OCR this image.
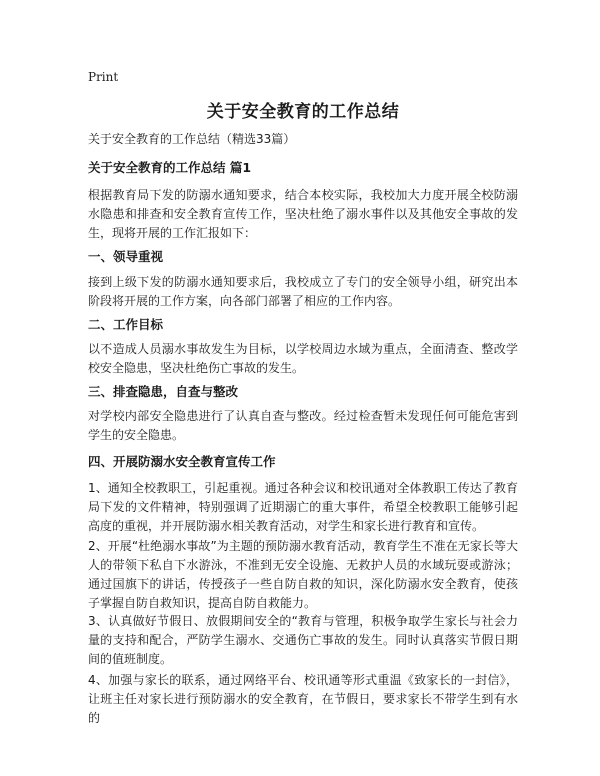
Print
关于安全教育的工作总结
关于安全教育的工作总结（精选33篇）
关于安全教育的工作总结 篇1
根据教育局下发的防溺水通知要求，结合本校实际，我校加大力度开展全校防溺水隐患和排查和安全教育宣传工作，坚决杜绝了溺水事件以及其他安全事故的发生，现将开展的工作汇报如下：
一、领导重视
接到上级下发的防溺水通知要求后，我校成立了专门的安全领导小组，研究出本阶段将开展的工作方案，向各部门部署了相应的工作内容。
二、工作目标
以不造成人员溺水事故发生为目标，以学校周边水域为重点，全面清查、整改学校安全隐患，坚决杜绝伤亡事故的发生。
三、排查隐患，自查与整改
对学校内部安全隐患进行了认真自查与整改。经过检查暂未发现任何可能危害到学生的安全隐患。
四、开展防溺水安全教育宣传工作
1、通知全校教职工，引起重视。通过各种会议和校讯通对全体教职工传达了教育局下发的文件精神，特别强调了近期溺亡的重大事件，希望全校教职工能够引起高度的重视，并开展防溺水相关教育活动，对学生和家长进行教育和宣传。
2、开展“杜绝溺水事故”为主题的预防溺水教育活动，教育学生不准在无家长等大人的带领下私自下水游泳，不准到无安全设施、无救护人员的水域玩耍或游泳；通过国旗下的讲话，传授孩子一些自防自救的知识，深化防溺水安全教育，使孩子掌握自防自救知识，提高自防自救能力。
3、认真做好节假日、放假期间安全的“教育与管理，积极争取学生家长与社会力量的支持和配合，严防学生溺水、交通伤亡事故的发生。同时认真落实节假日期间的值班制度。
4、加强与家长的联系，通过网络平台、校讯通等形式重温《致家长的一封信》，让班主任对家长进行预防溺水的安全教育，在节假日，要求家长不带学生到有水的
